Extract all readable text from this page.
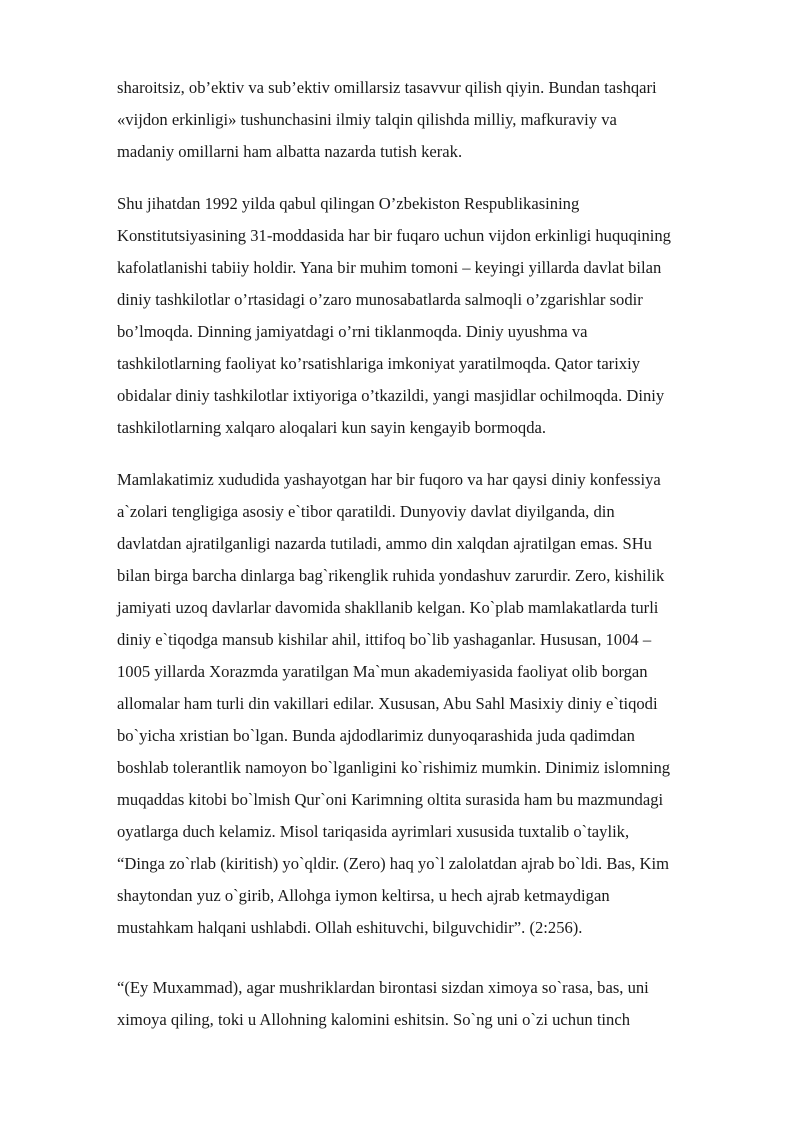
sharoitsiz, ob’ektiv va sub’ektiv omillarsiz tasavvur qilish qiyin. Bundan tashqari
«vijdon erkinligi» tushunchasini ilmiy talqin qilishda milliy, mafkuraviy va
madaniy omillarni ham albatta nazarda tutish kerak.
Shu jihatdan 1992 yilda qabul qilingan O’zbekiston Respublikasining
Konstitutsiyasining 31-moddasida har bir fuqaro uchun vijdon erkinligi huquqining
kafolatlanishi tabiiy holdir. Yana bir muhim tomoni – keyingi yillarda davlat bilan
diniy tashkilotlar o’rtasidagi o’zaro munosabatlarda salmoqli o’zgarishlar sodir
bo’lmoqda. Dinning jamiyatdagi o’rni tiklanmoqda. Diniy uyushma va
tashkilotlarning faoliyat ko’rsatishlariga imkoniyat yaratilmoqda. Qator tarixiy
obidalar diniy tashkilotlar ixtiyoriga o’tkazildi, yangi masjidlar ochilmoqda. Diniy
tashkilotlarning xalqaro aloqalari kun sayin kengayib bormoqda.
Mamlakatimiz xududida yashayotgan har bir fuqoro va har qaysi diniy konfessiya
a`zolari tengligiga asosiy e`tibor qaratildi. Dunyoviy davlat diyilganda, din
davlatdan ajratilganligi nazarda tutiladi, ammo din xalqdan ajratilgan emas. SHu
bilan birga barcha dinlarga bag`rikenglik ruhida yondashuv zarurdir. Zero, kishilik
jamiyati uzoq davlarlar davomida shakllanib kelgan. Ko`plab mamlakatlarda turli
diniy e`tiqodga mansub kishilar ahil, ittifoq bo`lib yashaganlar. Hususan, 1004 –
1005 yillarda Xorazmda yaratilgan Ma`mun akademiyasida faoliyat olib borgan
allomalar ham turli din vakillari edilar. Xususan, Abu Sahl Masixiy diniy e`tiqodi
bo`yicha xristian bo`lgan. Bunda ajdodlarimiz dunyoqarashida juda qadimdan
boshlab tolerantlik namoyon bo`lganligini ko`rishimiz mumkin. Dinimiz islomning
muqaddas kitobi bo`lmish Qur`oni Karimning oltita surasida ham bu mazmundagi
oyatlarga duch kelamiz. Misol tariqasida ayrimlari xususida tuxtalib o`taylik,
“Dinga zo`rlab (kiritish) yo`qldir. (Zero) haq yo`l zalolatdan ajrab bo`ldi. Bas, Kim
shaytondan yuz o`girib, Allohga iymon keltirsa, u hech ajrab ketmaydigan
mustahkam halqani ushlabdi. Ollah eshituvchi, bilguvchidir”. (2:256).
“(Ey Muxammad), agar mushriklardan birontasi sizdan ximoya so`rasa, bas, uni
ximoya qiling, toki u Allohning kalomini eshitsin. So`ng uni o`zi uchun tinch
